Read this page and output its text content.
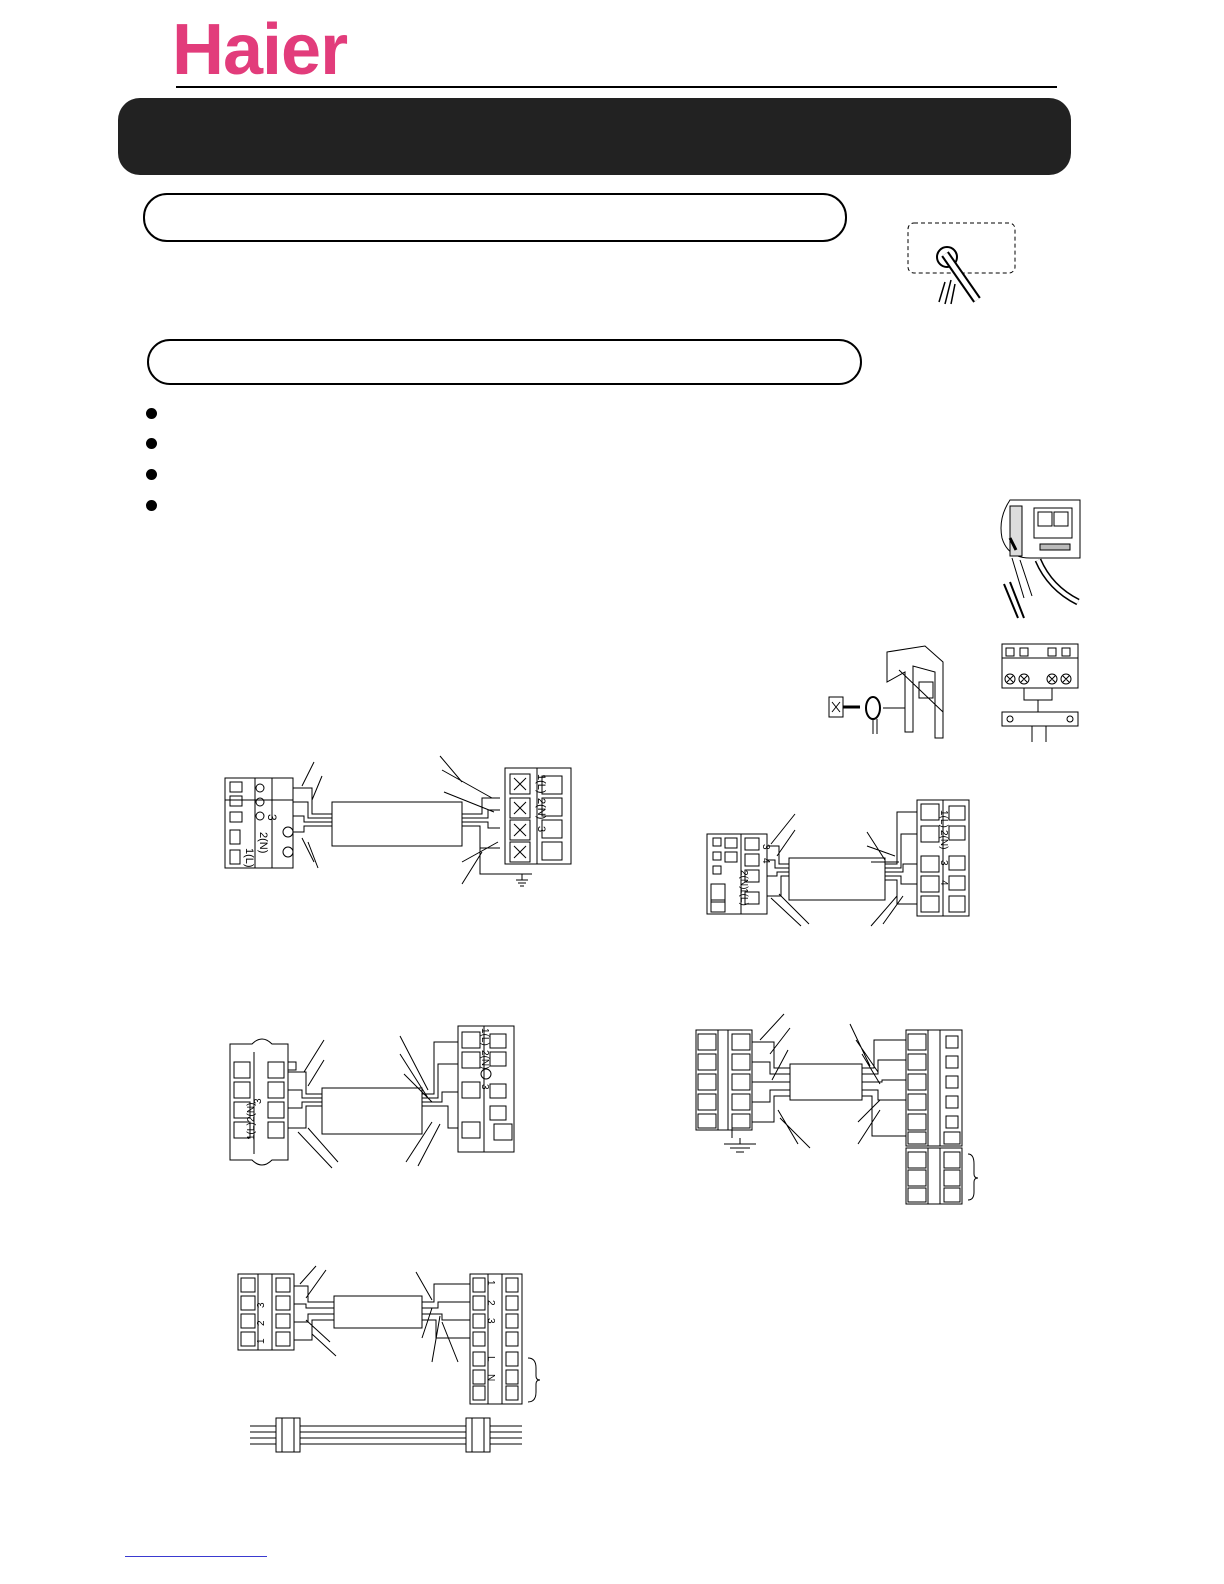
Haier
1(L)
2(N)
1(L)
2(N)
3
3	1(L)
2(N)
3
4
1(L)
2(N)
3
4
1(L)
2(N)
3
1(L)
2(N)
3
1
2
3
L
N
1
2
3
